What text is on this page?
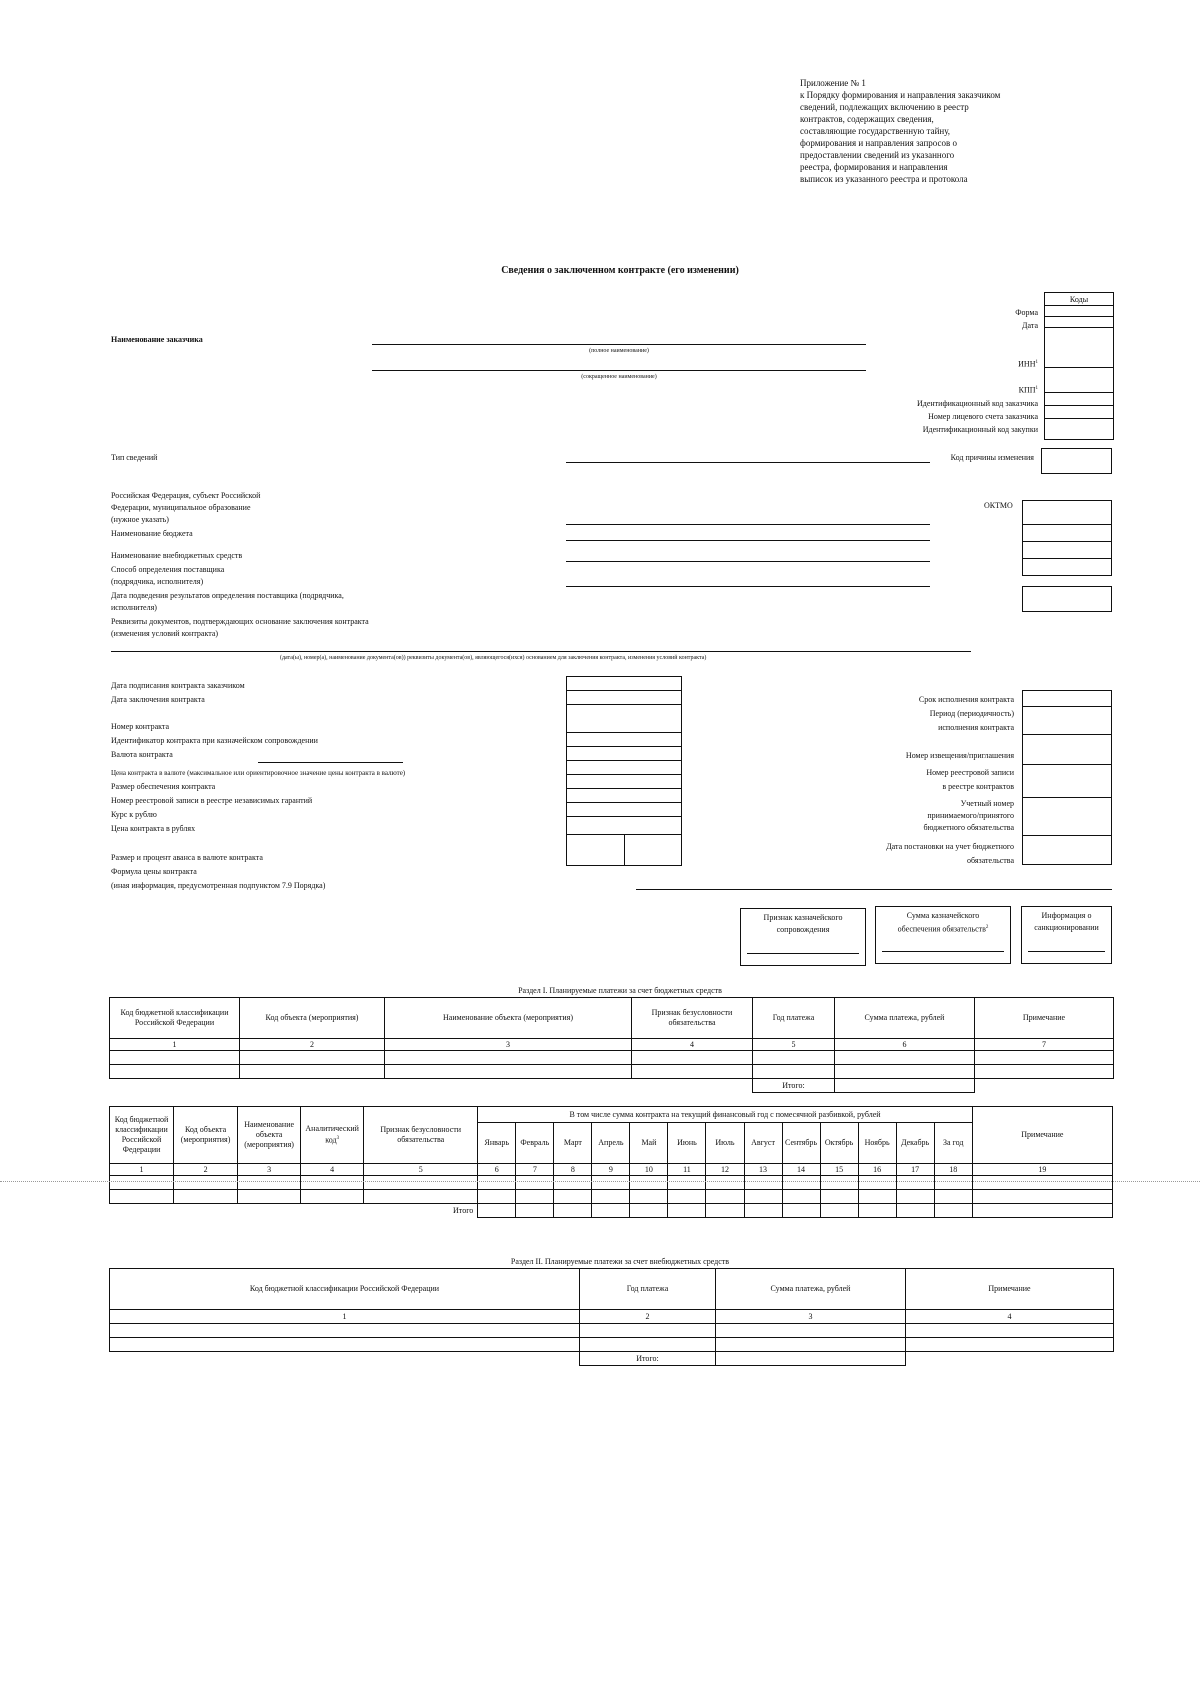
Приложение № 1
к Порядку формирования и направления заказчиком
сведений, подлежащих включению в реестр
контрактов, содержащих сведения,
составляющие государственную тайну,
формирования и направления запросов о
предоставлении сведений из указанного
реестра, формирования и направления
выписок из указанного реестра и протокола
Сведения о заключенном контракте (его изменении)
Коды
Форма
Дата
ИНН$^1$
КПП$^1$
Идентификационный код заказчика
Номер лицевого счета заказчика
Идентификационный код закупки
Наименование заказчика
(полное наименование)
(сокращенное наименование)
Тип сведений	Код причины изменения
Российская Федерация, субъект Российской
Федерации, муниципальное образование
(нужное указать)
Наименование бюджета
ОКТМО
Наименование внебюджетных средств
Способ определения поставщика
(подрядчика, исполнителя)
Дата подведения результатов определения поставщика (подрядчика,
исполнителя)
Реквизиты документов, подтверждающих основание заключения контракта
(изменения условий контракта)
(дата(ы), номер(а), наименование документа(ов)) реквизиты документа(ов), являющегося(ихся) основанием для заключения контракта, изменения условий контракта)
Дата подписания контракта заказчиком
Дата заключения контракта
Номер контракта
Идентификатор контракта при казначейском сопровождении
Валюта контракта
Цена контракта в валюте (максимальное или ориентировочное значение цены контракта в валюте)
Размер обеспечения контракта
Номер реестровой записи в реестре независимых гарантий
Курс к рублю
Цена контракта в рублях
Размер и процент аванса в валюте контракта
Формула цены контракта
(иная информация, предусмотренная подпунктом 7.9 Порядка)
Срок исполнения контракта
Период (периодичность)
исполнения контракта
Номер извещения/приглашения
Номер реестровой записи
в реестре контрактов
Учетный номер
принимаемого/принятого
бюджетного обязательства
Дата постановки на учет бюджетного
обязательства
Признак казначейского
сопровождения
Сумма казначейского
обеспечения обязательств$^2$
Информация о
санкционировании
Раздел I. Планируемые платежи за счет бюджетных средств
Код бюджетной классификации Российской Федерации	Код объекта (мероприятия)	Наименование объекта (мероприятия)	Признак безусловности обязательства	Год платежа	Сумма платежа, рублей	Примечание
1	2	3	4	5	6	7

				Итого:		
Код бюджетной классификации Российской Федерации	Код объекта (мероприятия)	Наименование объекта (мероприятия)	Аналитический код$^3$	Признак безусловности обязательства	В том числе сумма контракта на текущий финансовый год с помесячной разбивкой, рублей													Примечание
					Январь	Февраль	Март	Апрель	Май	Июнь	Июль	Август	Сентябрь	Октябрь	Ноябрь	Декабрь	За год	
1	2	3	4	5	6	7	8	9	10	11	12	13	14	15	16	17	18	19

Итого																		
Раздел II. Планируемые платежи за счет внебюджетных средств
Код бюджетной классификации Российской Федерации	Год платежа	Сумма платежа, рублей	Примечание
1	2	3	4

	Итого:		
